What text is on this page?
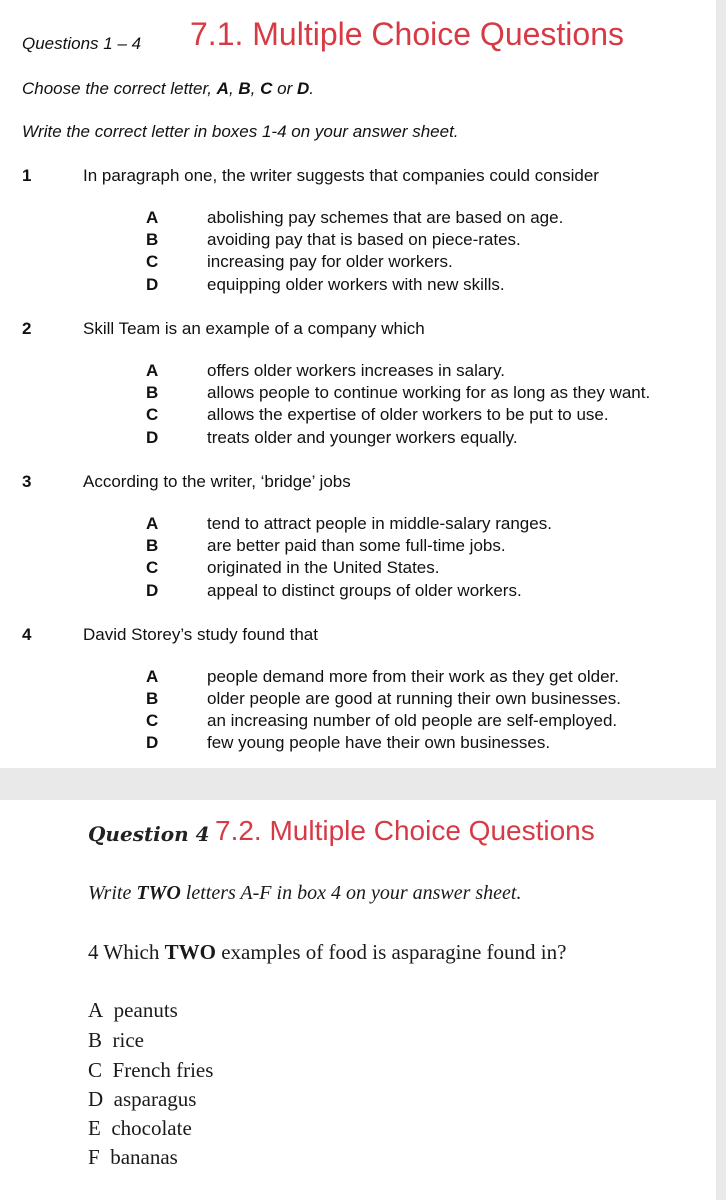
Questions 1 – 4 7.1. Multiple Choice Questions
Choose the correct letter, A, B, C or D.
Write the correct letter in boxes 1-4 on your answer sheet.
1	In paragraph one, the writer suggests that companies could consider
A	abolishing pay schemes that are based on age.
B	avoiding pay that is based on piece-rates.
C	increasing pay for older workers.
D	equipping older workers with new skills.
2	Skill Team is an example of a company which
A	offers older workers increases in salary.
B	allows people to continue working for as long as they want.
C	allows the expertise of older workers to be put to use.
D	treats older and younger workers equally.
3	According to the writer, ‘bridge’ jobs
A	tend to attract people in middle-salary ranges.
B	are better paid than some full-time jobs.
C	originated in the United States.
D	appeal to distinct groups of older workers.
4	David Storey’s study found that
A	people demand more from their work as they get older.
B	older people are good at running their own businesses.
C	an increasing number of old people are self-employed.
D	few young people have their own businesses.
Question 4 7.2. Multiple Choice Questions
Write TWO letters A-F in box 4 on your answer sheet.
4 Which TWO examples of food is asparagine found in?
A peanuts
B rice
C French fries
D asparagus
E chocolate
F bananas
